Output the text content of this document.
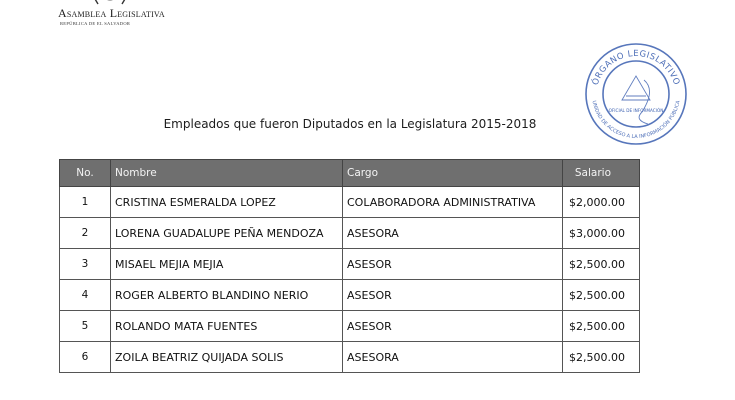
Asamblea Legislativa
REPÚBLICA DE EL SALVADOR
ÓRGANO LEGISLATIVO
UNIDAD DE ACCESO A LA INFORMACIÓN PÚBLICA
OFICIAL DE INFORMACIÓN
Empleados que fueron Diputados en la Legislatura 2015-2018
No.	Nombre	Cargo	Salario
1	CRISTINA ESMERALDA LOPEZ	COLABORADORA ADMINISTRATIVA	$2,000.00
2	LORENA GUADALUPE PEÑA MENDOZA	ASESORA	$3,000.00
3	MISAEL MEJIA MEJIA	ASESOR	$2,500.00
4	ROGER ALBERTO BLANDINO NERIO	ASESOR	$2,500.00
5	ROLANDO MATA FUENTES	ASESOR	$2,500.00
6	ZOILA BEATRIZ QUIJADA SOLIS	ASESORA	$2,500.00
